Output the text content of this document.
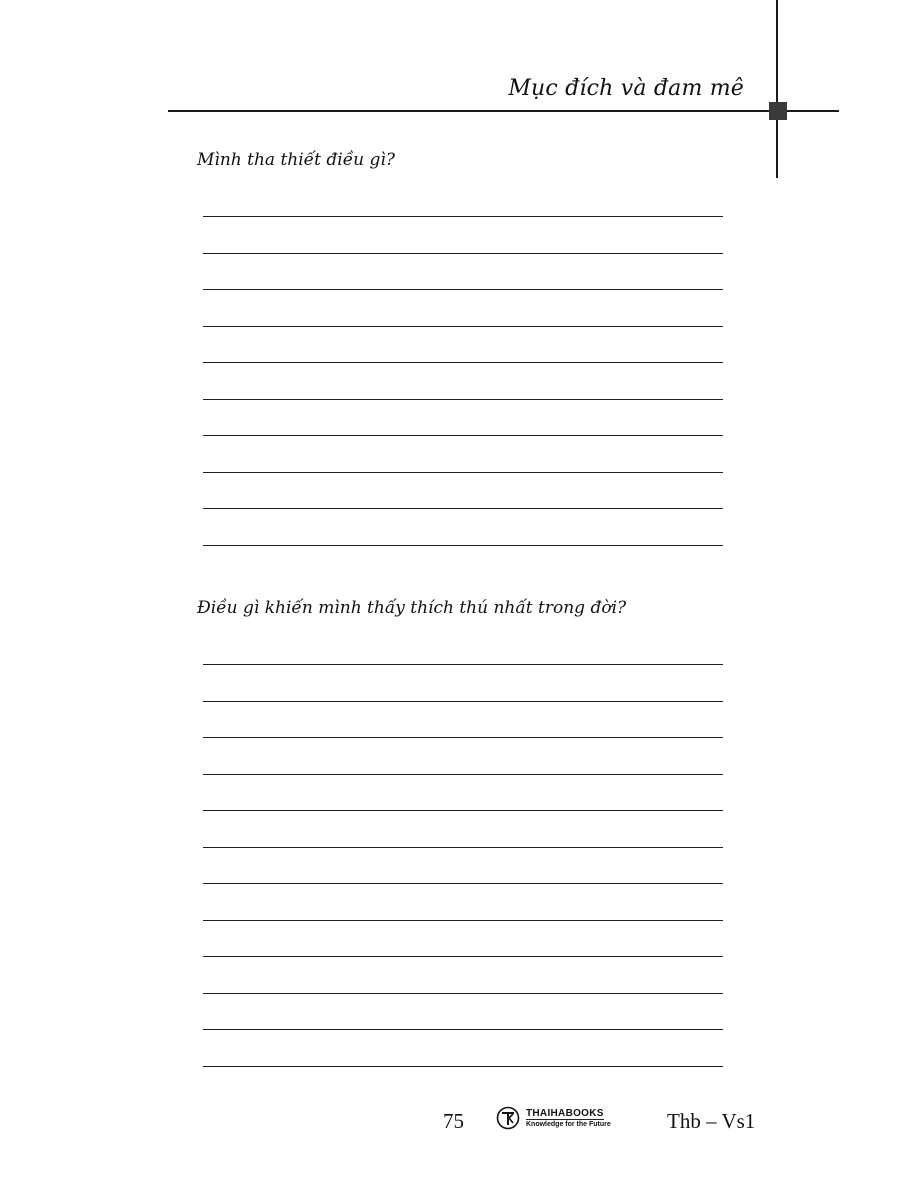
Mục đích và đam mê
Mình tha thiết điều gì?
Điều gì khiến mình thấy thích thú nhất trong đời?
75	THAIHABOOKS
Knowledge for the Future	Thb – Vs1
